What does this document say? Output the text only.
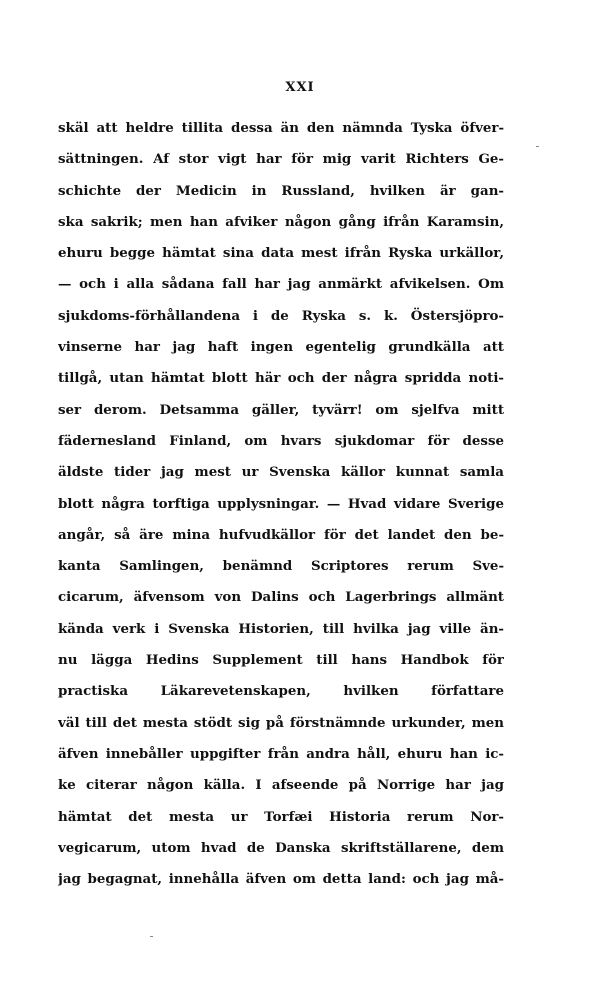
XXI
skäl att heldre tillita dessa än den nämnda Tyska öfver-
sättningen. Af stor vigt har för mig varit Richters Ge-
schichte der Medicin in Russland, hvilken är gan-
ska sakrik; men han afviker någon gång ifrån Karamsin,
ehuru begge hämtat sina data mest ifrån Ryska urkällor,
— och i alla sådana fall har jag anmärkt afvikelsen. Om
sjukdoms-förhållandena i de Ryska s. k. Östersjöpro-
vinserne har jag haft ingen egentelig grundkälla att
tillgå, utan hämtat blott här och der några spridda noti-
ser derom. Detsamma gäller, tyvärr! om sjelfva mitt
fädernesland Finland, om hvars sjukdomar för desse
äldste tider jag mest ur Svenska källor kunnat samla
blott några torftiga upplysningar. — Hvad vidare Sverige
angår, så äre mina hufvudkällor för det landet den be-
kanta Samlingen, benämnd Scriptores rerum Sve-
cicarum, äfvensom von Dalins och Lagerbrings allmänt
kända verk i Svenska Historien, till hvilka jag ville än-
nu lägga Hedins Supplement till hans Handbok för
practiska Läkarevetenskapen, hvilken författare
väl till det mesta stödt sig på förstnämnde urkunder, men
äfven innebåller uppgifter från andra håll, ehuru han ic-
ke citerar någon källa. I afseende på Norrige har jag
hämtat det mesta ur Torfæi Historia rerum Nor-
vegicarum, utom hvad de Danska skriftställarene, dem
jag begagnat, innehålla äfven om detta land: och jag må-
